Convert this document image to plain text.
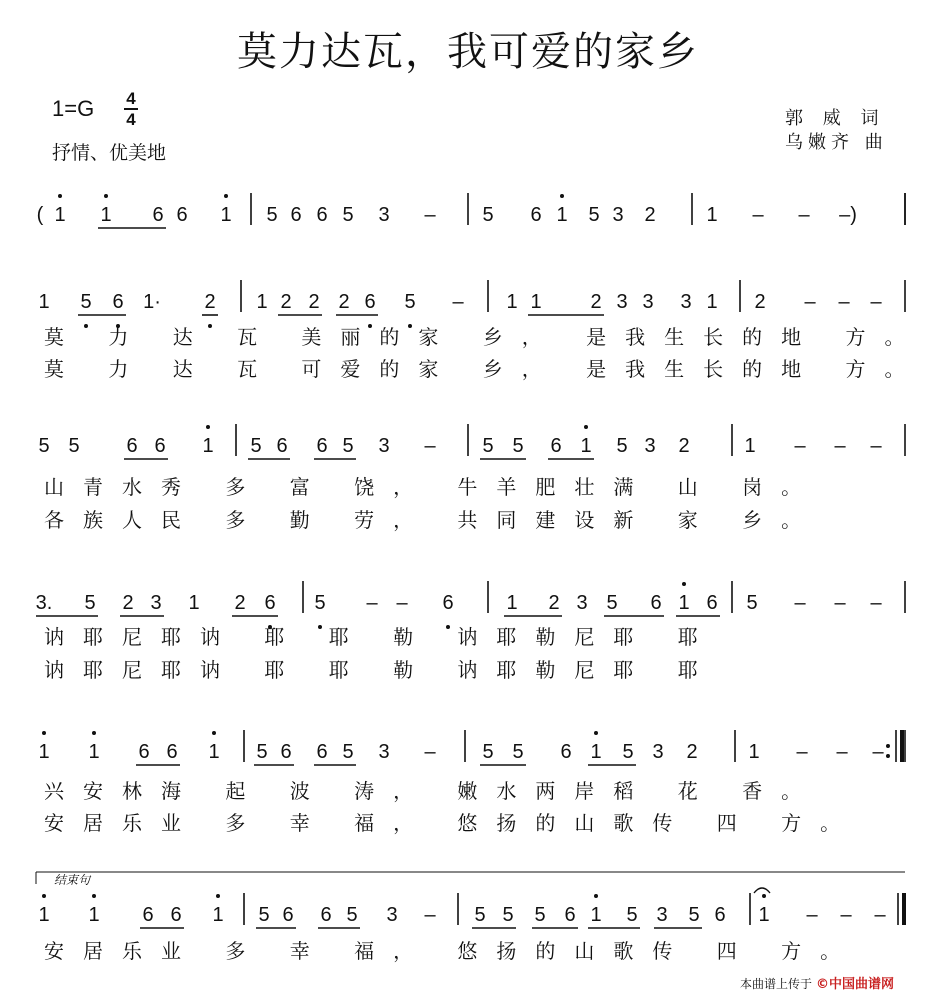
莫力达瓦，我可爱的家乡
1=G 4
4
抒情、优美地
郭 威 词
乌嫩齐 曲
( 1 1 6 6 1 5 6 6 5 3 – 5 6 1 5 3 2	1 – – –)
1 5 6 1· 2 1 2 2 2 6 5 – 1 1 2 3 3 3 1 2 – – –
莫 力 达 瓦 美丽的家 乡， 是我生长的地 方。
莫 力 达 瓦 可爱的家 乡， 是我生长的地 方。
5 5 6 6 1 5 6 6 5 3 – 5 5 6 1 5 3 2	1 – – –
山青水秀 多 富 饶， 牛羊肥壮满 山 岗。
各族人民 多 勤 劳， 共同建设新 家 乡。
3. 5 2 3 1 2 6 5 – – 6	1 2 3 5 6 1 6 5 – – –
讷耶尼耶讷 耶 耶 勒 讷耶勒尼耶 耶
讷耶尼耶讷 耶 耶 勒 讷耶勒尼耶 耶
1 1 6 6 1 5 6 6 5 3 – 5 5 6 1 5 3 2	1 – – –
兴安林海 起 波 涛， 嫩水两岸稻 花 香。
安居乐业 多 幸 福， 悠扬的山歌传 四 方。
1 1 6 6 1 5 6 6 5 3 – 5 5 5 6 1 5 3 5 6 1 – – –
安居乐业 多 幸 福， 悠扬的山歌传 四 方。
结束句
本曲谱上传于 ©中国曲谱网
